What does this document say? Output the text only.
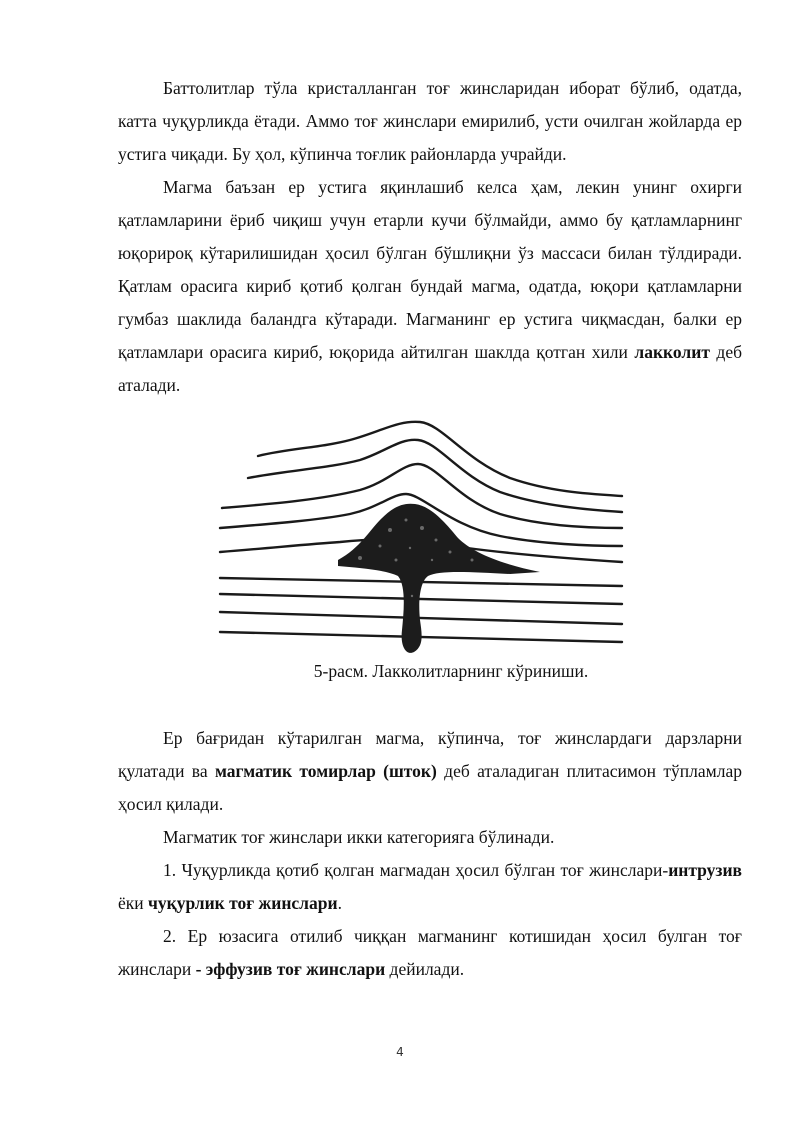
Баттолитлар тўла кристалланган тоғ жинсларидан иборат бўлиб, одатда, катта чуқурликда ётади. Аммо тоғ жинслари емирилиб, усти очилган жойларда ер устига чиқади. Бу ҳол, кўпинча тоғлик районларда учрайди.

Магма баъзан ер устига яқинлашиб келса ҳам, лекин унинг охирги қатламларини ёриб чиқиш учун етарли кучи бўлмайди, аммо бу қатламларнинг юқорироқ кўтарилишидан ҳосил бўлган бўшлиқни ўз массаси билан тўлдиради. Қатлам орасига кириб қотиб қолган бундай магма, одатда, юқори қатламларни гумбаз шаклида баландга кўтаради. Магманинг ер устига чиқмасдан, балки ер қатламлари орасига кириб, юқорида айтилган шаклда қотган хили лакколит деб аталади.

5-расм. Лакколитларнинг кўриниши.

Ер бағридан кўтарилган магма, кўпинча, тоғ жинслардаги дарзларни қулатади ва магматик томирлар (шток) деб аталадиган плитасимон тўпламлар ҳосил қилади.

Магматик тоғ жинслари икки категорияга бўлинади.

1. Чуқурликда қотиб қолган магмадан ҳосил бўлган тоғ жинслари-интрузив ёки чуқурлик тоғ жинслари.

2. Ер юзасига отилиб чиққан магманинг котишидан ҳосил булган тоғ жинслари - эффузив тоғ жинслари дейилади.

4
